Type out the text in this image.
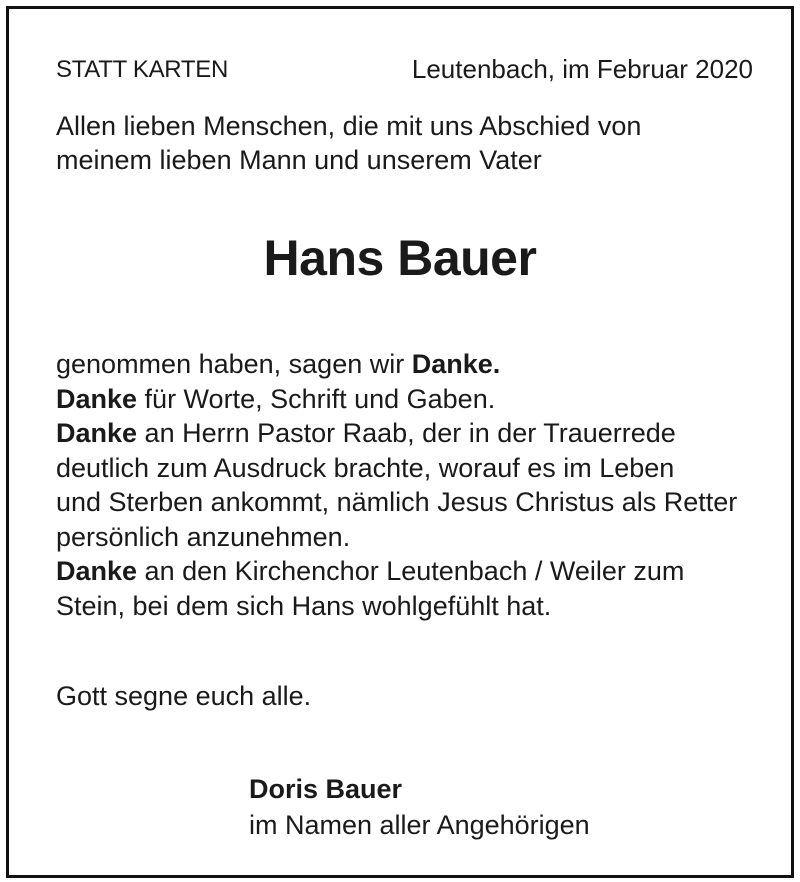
STATT KARTEN	Leutenbach, im Februar 2020
Allen lieben Menschen, die mit uns Abschied von
meinem lieben Mann und unserem Vater
Hans Bauer
genommen haben, sagen wir Danke.
Danke für Worte, Schrift und Gaben.
Danke an Herrn Pastor Raab, der in der Trauerrede
deutlich zum Ausdruck brachte, worauf es im Leben
und Sterben ankommt, nämlich Jesus Christus als Retter
persönlich anzunehmen.
Danke an den Kirchenchor Leutenbach / Weiler zum
Stein, bei dem sich Hans wohlgefühlt hat.
Gott segne euch alle.
Doris Bauer
im Namen aller Angehörigen
